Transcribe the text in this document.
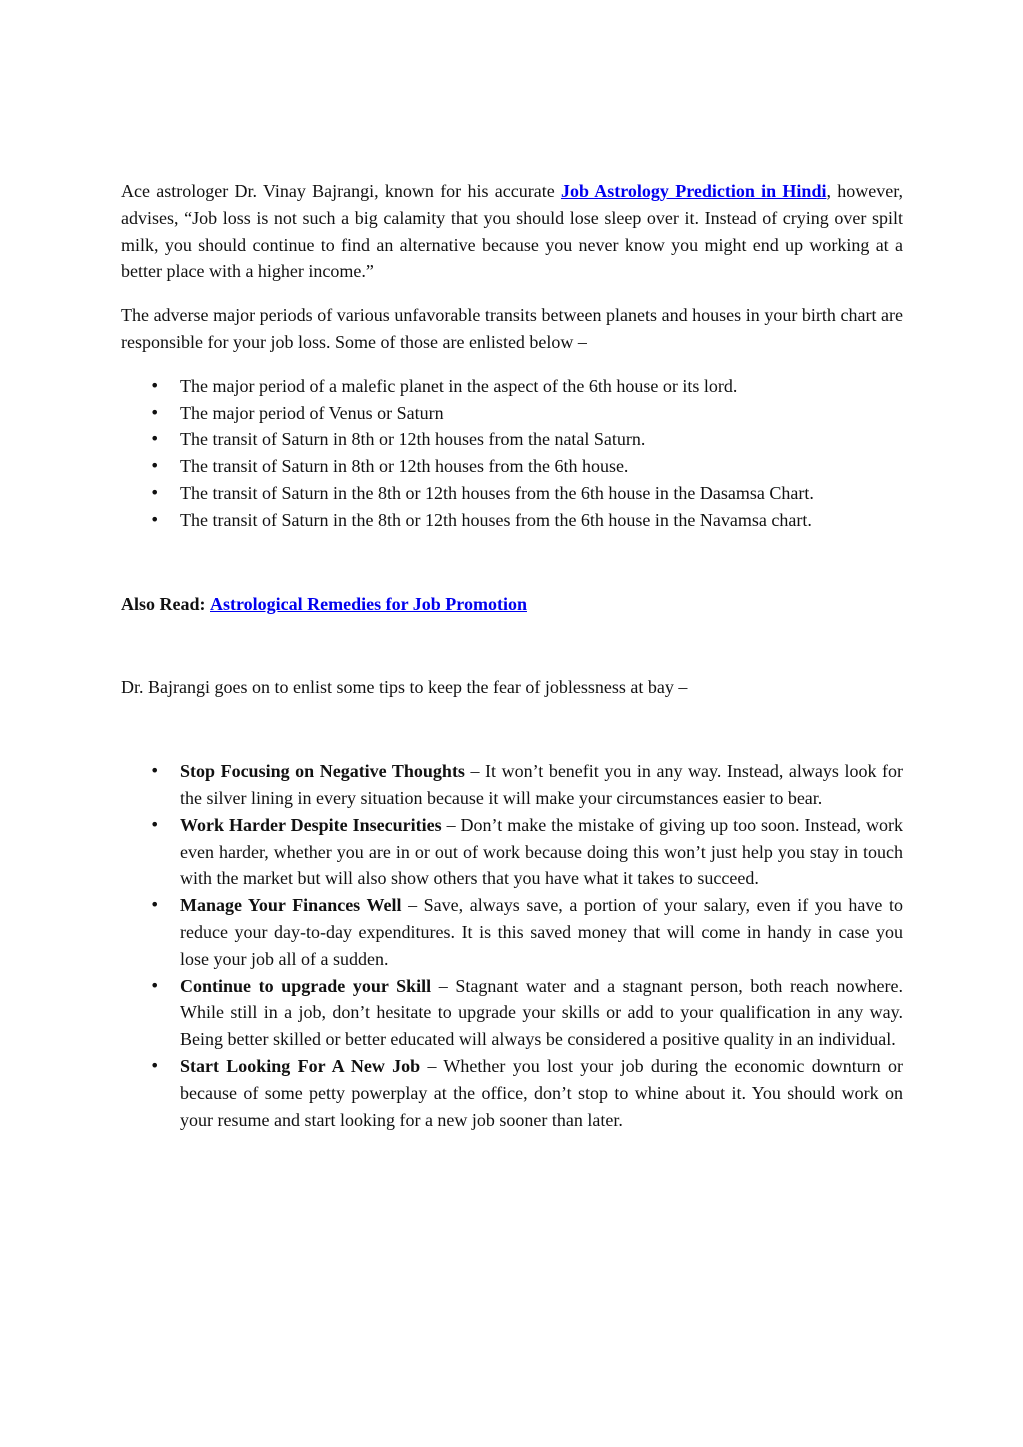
Ace astrologer Dr. Vinay Bajrangi, known for his accurate Job Astrology Prediction in Hindi, however, advises, “Job loss is not such a big calamity that you should lose sleep over it. Instead of crying over spilt milk, you should continue to find an alternative because you never know you might end up working at a better place with a higher income.”

The adverse major periods of various unfavorable transits between planets and houses in your birth chart are responsible for your job loss. Some of those are enlisted below –

• The major period of a malefic planet in the aspect of the 6th house or its lord.
• The major period of Venus or Saturn
• The transit of Saturn in 8th or 12th houses from the natal Saturn.
• The transit of Saturn in 8th or 12th houses from the 6th house.
• The transit of Saturn in the 8th or 12th houses from the 6th house in the Dasamsa Chart.
• The transit of Saturn in the 8th or 12th houses from the 6th house in the Navamsa chart.

Also Read: Astrological Remedies for Job Promotion

Dr. Bajrangi goes on to enlist some tips to keep the fear of joblessness at bay –

• Stop Focusing on Negative Thoughts – It won’t benefit you in any way. Instead, always look for the silver lining in every situation because it will make your circumstances easier to bear.
• Work Harder Despite Insecurities – Don’t make the mistake of giving up too soon. Instead, work even harder, whether you are in or out of work because doing this won’t just help you stay in touch with the market but will also show others that you have what it takes to succeed.
• Manage Your Finances Well – Save, always save, a portion of your salary, even if you have to reduce your day-to-day expenditures. It is this saved money that will come in handy in case you lose your job all of a sudden.
• Continue to upgrade your Skill – Stagnant water and a stagnant person, both reach nowhere. While still in a job, don’t hesitate to upgrade your skills or add to your qualification in any way. Being better skilled or better educated will always be considered a positive quality in an individual.
• Start Looking For A New Job – Whether you lost your job during the economic downturn or because of some petty powerplay at the office, don’t stop to whine about it. You should work on your resume and start looking for a new job sooner than later.
